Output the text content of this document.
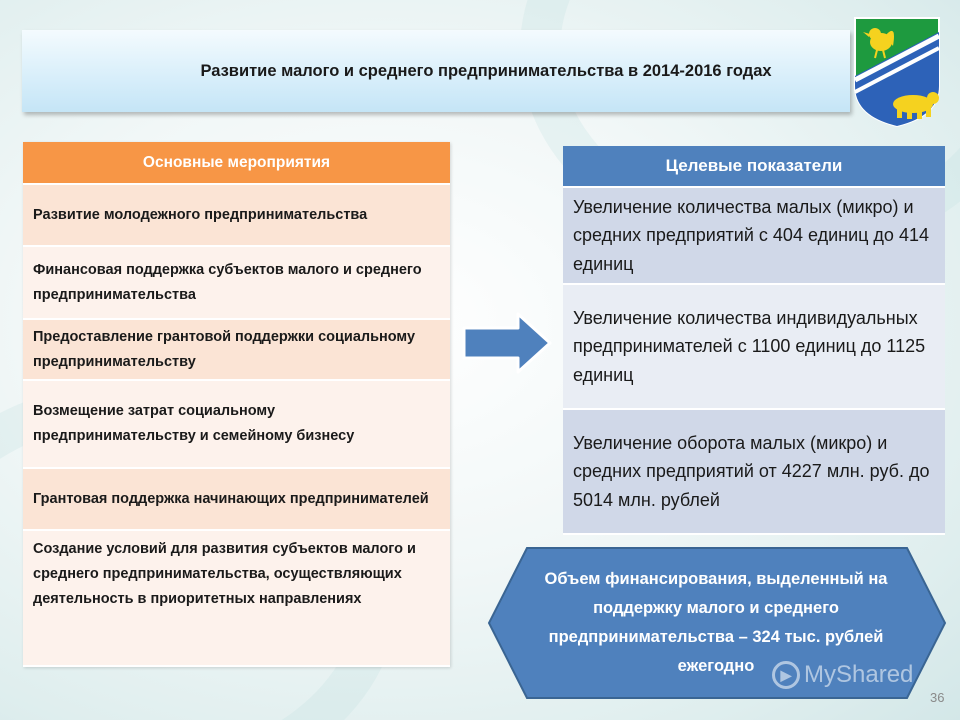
Развитие малого и среднего предпринимательства в 2014-2016 годах
Основные мероприятия
Развитие молодежного предпринимательства
Финансовая поддержка субъектов малого и среднего предпринимательства
Предоставление грантовой поддержки социальному предпринимательству
Возмещение затрат социальному предпринимательству и семейному бизнесу
Грантовая поддержка начинающих предпринимателей
Создание условий для развития субъектов малого и среднего предпринимательства, осуществляющих деятельность в приоритетных направлениях
Целевые показатели
Увеличение количества малых (микро) и средних предприятий с 404 единиц до 414 единиц
Увеличение количества индивидуальных предпринимателей с 1100 единиц до 1125 единиц
Увеличение оборота малых (микро) и средних предприятий от 4227 млн. руб. до 5014 млн. рублей
Объем финансирования, выделенный на поддержку малого и среднего предпринимательства – 324 тыс. рублей ежегодно	▶ MyShared
36
